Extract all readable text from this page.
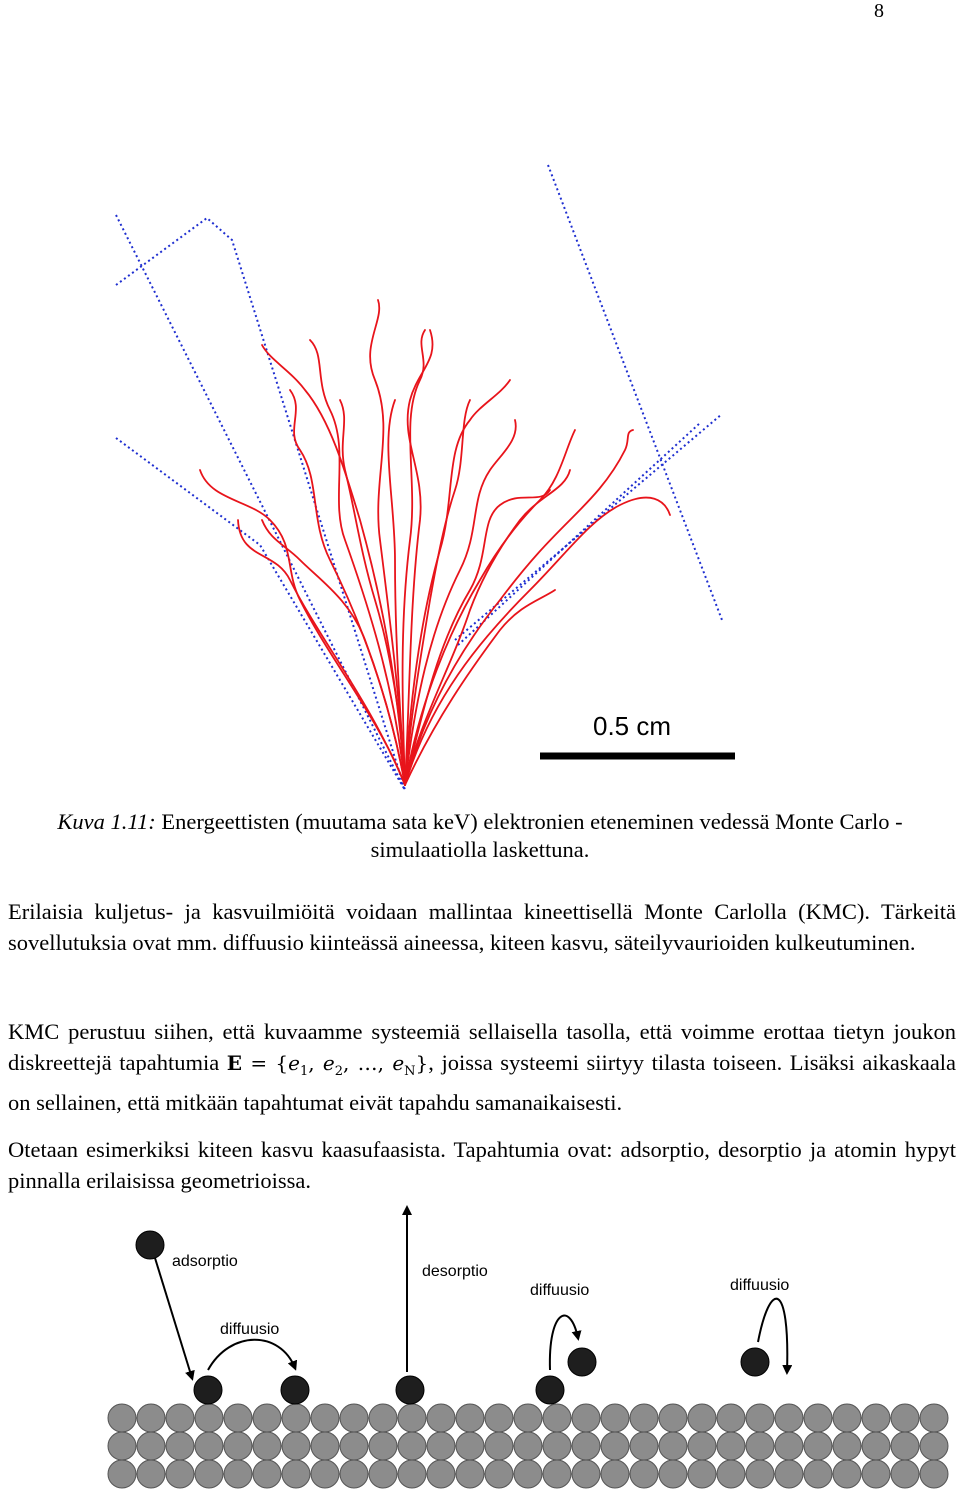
8
0.5 cm
Kuva 1.11: Energeettisten (muutama sata keV) elektronien eteneminen vedessä Monte Carlo -simulaatiolla laskettuna.
Erilaisia kuljetus- ja kasvuilmiöitä voidaan mallintaa kineettisellä Monte Carlolla (KMC). Tärkeitä sovellutuksia ovat mm. diffuusio kiinteässä aineessa, kiteen kasvu, säteilyvaurioiden kulkeutuminen.
KMC perustuu siihen, että kuvaamme systeemiä sellaisella tasolla, että voimme erottaa tietyn joukon diskreettejä tapahtumia $E = \{e_1$, $e_2$, …, $e_N$}, joissa systeemi siirtyy tilasta toiseen. Lisäksi aikaskaala on sellainen, että mitkään tapahtumat eivät tapahdu samanaikaisesti.
Otetaan esimerkiksi kiteen kasvu kaasufaasista. Tapahtumia ovat: adsorptio, desorptio ja atomin hypyt pinnalla erilaisissa geometrioissa.
adsorptio
desorptio
diffuusio
diffuusio	diffuusio
